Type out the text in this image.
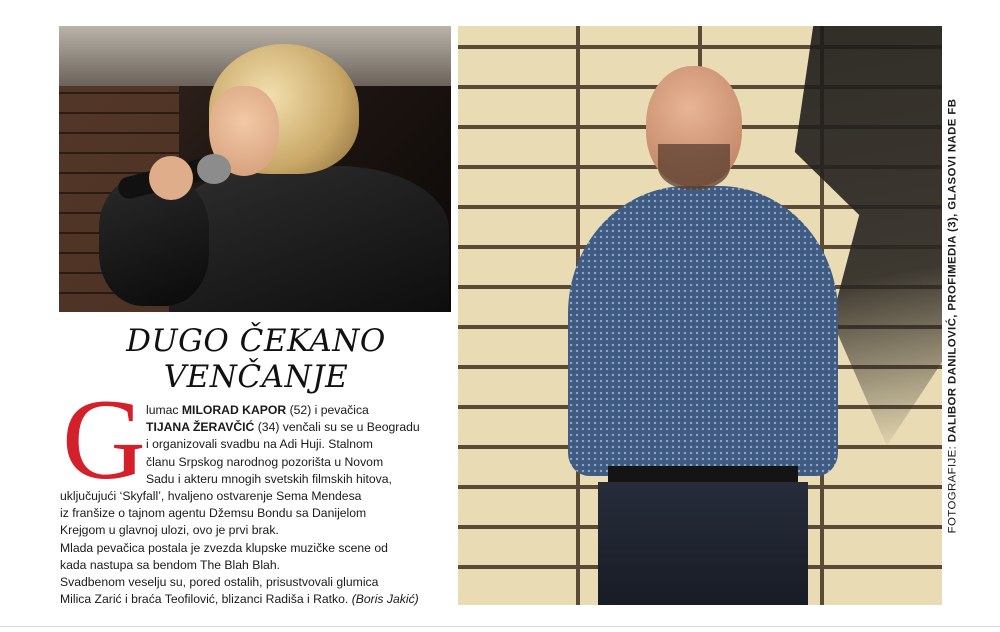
FOTOGRAFIJE: DALIBOR DANILOVIĆ, PROFIMEDIA (3), GLASOVI NADE FB
DUGO ČEKANO
VENČANJE
G lumac MILORAD KAPOR (52) i pevačica
TIJANA ŽERAVČIĆ (34) venčali su se u Beogradu
i organizovali svadbu na Adi Huji. Stalnom
članu Srpskog narodnog pozorišta u Novom
Sadu i akteru mnogih svetskih filmskih hitova,
uključujući ‘Skyfall’, hvaljeno ostvarenje Sema Mendesa
iz franšize o tajnom agentu Džemsu Bondu sa Danijelom
Krejgom u glavnoj ulozi, ovo je prvi brak.
Mlada pevačica postala je zvezda klupske muzičke scene od
kada nastupa sa bendom The Blah Blah.
Svadbenom veselju su, pored ostalih, prisustvovali glumica
Milica Zarić i braća Teofilović, blizanci Radiša i Ratko. (Boris Jakić)
